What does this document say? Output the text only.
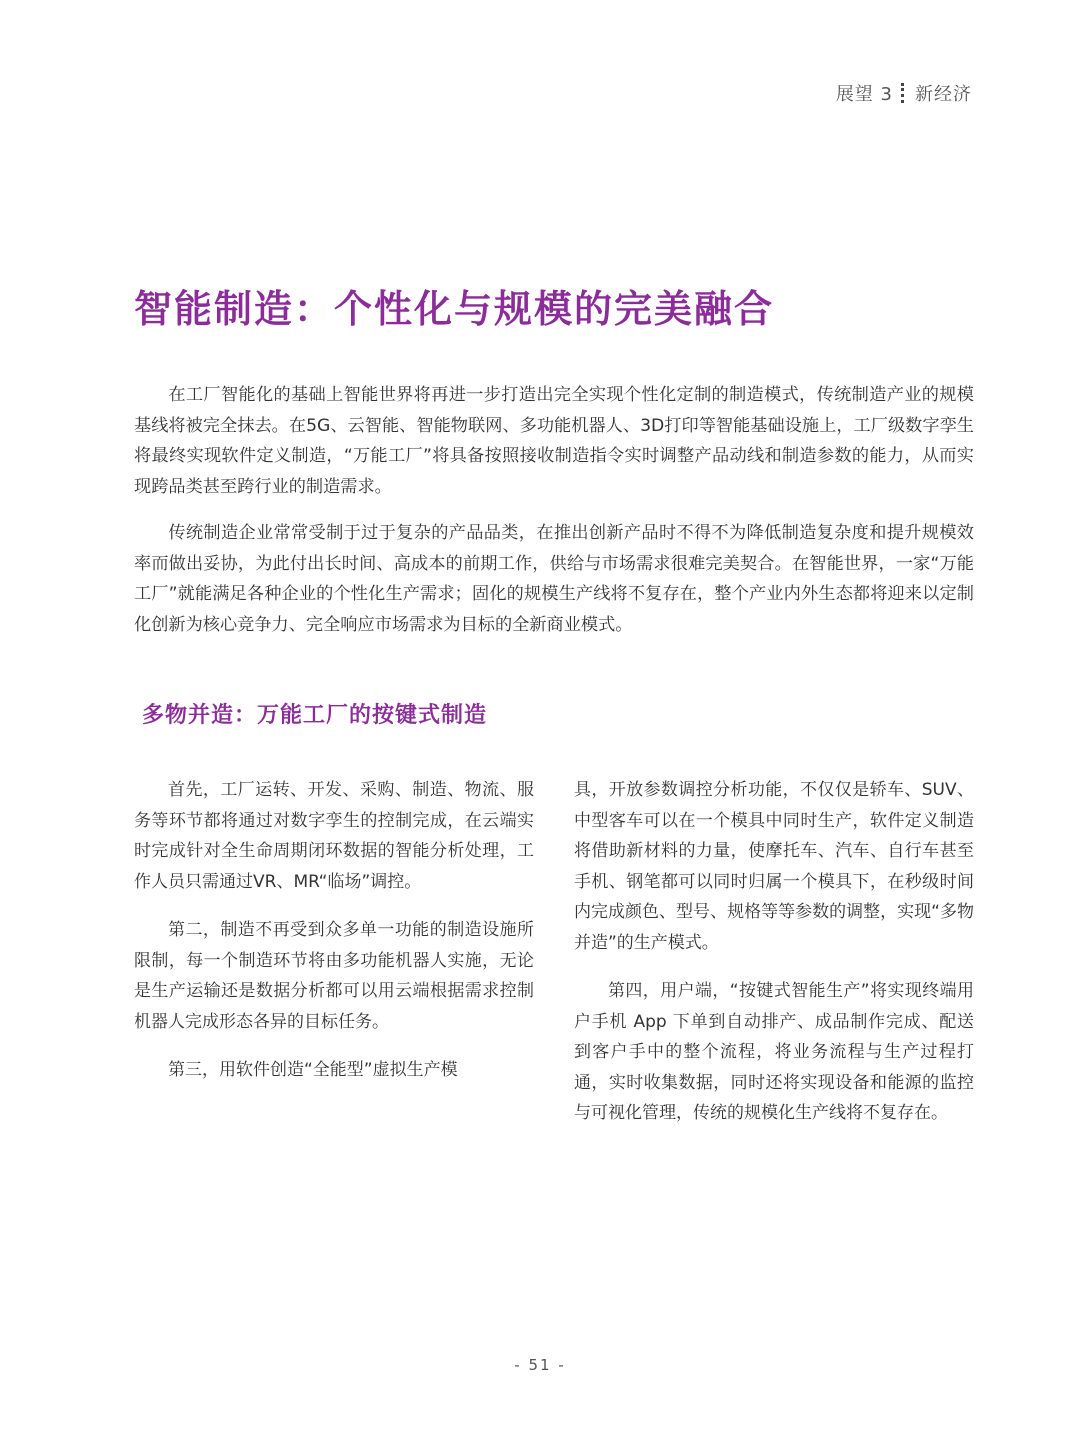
展望 3 新经济
智能制造：个性化与规模的完美融合

在工厂智能化的基础上智能世界将再进一步打造出完全实现个性化定制的制造模式，传统制造产业的规模基线将被完全抹去。在5G、云智能、智能物联网、多功能机器人、3D打印等智能基础设施上，工厂级数字孪生将最终实现软件定义制造，“万能工厂”将具备按照接收制造指令实时调整产品动线和制造参数的能力，从而实现跨品类甚至跨行业的制造需求。

传统制造企业常常受制于过于复杂的产品品类，在推出创新产品时不得不为降低制造复杂度和提升规模效率而做出妥协，为此付出长时间、高成本的前期工作，供给与市场需求很难完美契合。在智能世界，一家“万能工厂”就能满足各种企业的个性化生产需求；固化的规模生产线将不复存在，整个产业内外生态都将迎来以定制化创新为核心竞争力、完全响应市场需求为目标的全新商业模式。

多物并造：万能工厂的按键式制造

首先，工厂运转、开发、采购、制造、物流、服务等环节都将通过对数字孪生的控制完成，在云端实时完成针对全生命周期闭环数据的智能分析处理，工作人员只需通过VR、MR“临场”调控。

第二，制造不再受到众多单一功能的制造设施所限制，每一个制造环节将由多功能机器人实施，无论是生产运输还是数据分析都可以用云端根据需求控制机器人完成形态各异的目标任务。

第三，用软件创造“全能型”虚拟生产模

具，开放参数调控分析功能，不仅仅是轿车、SUV、中型客车可以在一个模具中同时生产，软件定义制造将借助新材料的力量，使摩托车、汽车、自行车甚至手机、钢笔都可以同时归属一个模具下，在秒级时间内完成颜色、型号、规格等等参数的调整，实现“多物并造”的生产模式。

第四，用户端，“按键式智能生产”将实现终端用户手机 App 下单到自动排产、成品制作完成、配送到客户手中的整个流程，将业务流程与生产过程打通，实时收集数据，同时还将实现设备和能源的监控与可视化管理，传统的规模化生产线将不复存在。

- 51 -
